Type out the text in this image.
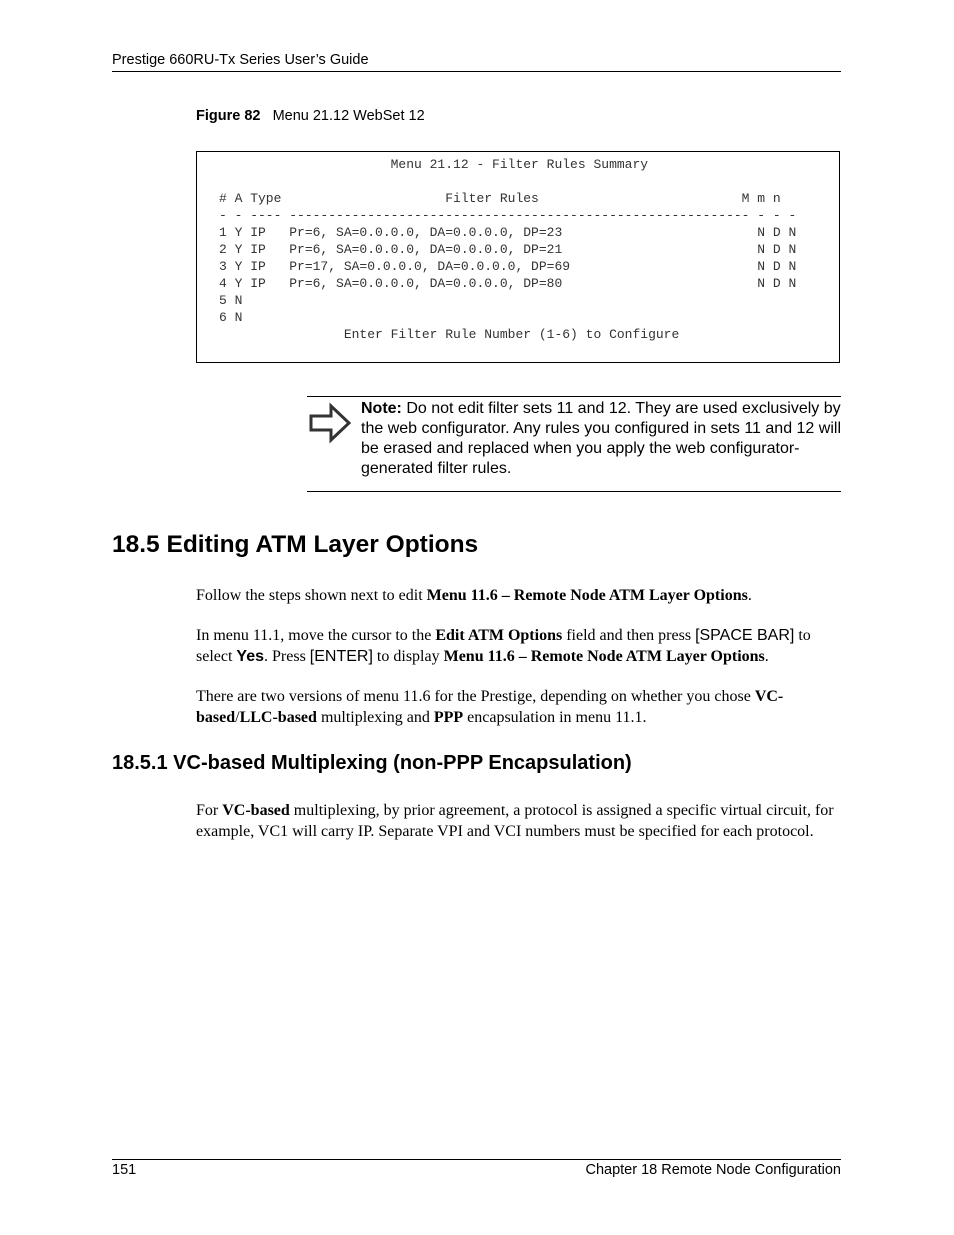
Prestige 660RU-Tx Series User’s Guide
Figure 82 Menu 21.12 WebSet 12
Menu 21.12 - Filter Rules Summary

# A Type                     Filter Rules                          M m n
- - ---- ----------------------------------------------------------- - - -
1 Y IP   Pr=6, SA=0.0.0.0, DA=0.0.0.0, DP=23                         N D N
2 Y IP   Pr=6, SA=0.0.0.0, DA=0.0.0.0, DP=21                         N D N
3 Y IP   Pr=17, SA=0.0.0.0, DA=0.0.0.0, DP=69                        N D N
4 Y IP   Pr=6, SA=0.0.0.0, DA=0.0.0.0, DP=80                         N D N
5 N
6 N
Enter Filter Rule Number (1-6) to Configure
Note: Do not edit filter sets 11 and 12. They are used exclusively by the web configurator. Any rules you configured in sets 11 and 12 will be erased and replaced when you apply the web configurator-generated filter rules.
18.5 Editing ATM Layer Options
Follow the steps shown next to edit Menu 11.6 – Remote Node ATM Layer Options.
In menu 11.1, move the cursor to the Edit ATM Options field and then press [SPACE BAR] to select Yes. Press [ENTER] to display Menu 11.6 – Remote Node ATM Layer Options.
There are two versions of menu 11.6 for the Prestige, depending on whether you chose VC-based/LLC-based multiplexing and PPP encapsulation in menu 11.1.
18.5.1 VC-based Multiplexing (non-PPP Encapsulation)
For VC-based multiplexing, by prior agreement, a protocol is assigned a specific virtual circuit, for example, VC1 will carry IP. Separate VPI and VCI numbers must be specified for each protocol.
151	Chapter 18 Remote Node Configuration
